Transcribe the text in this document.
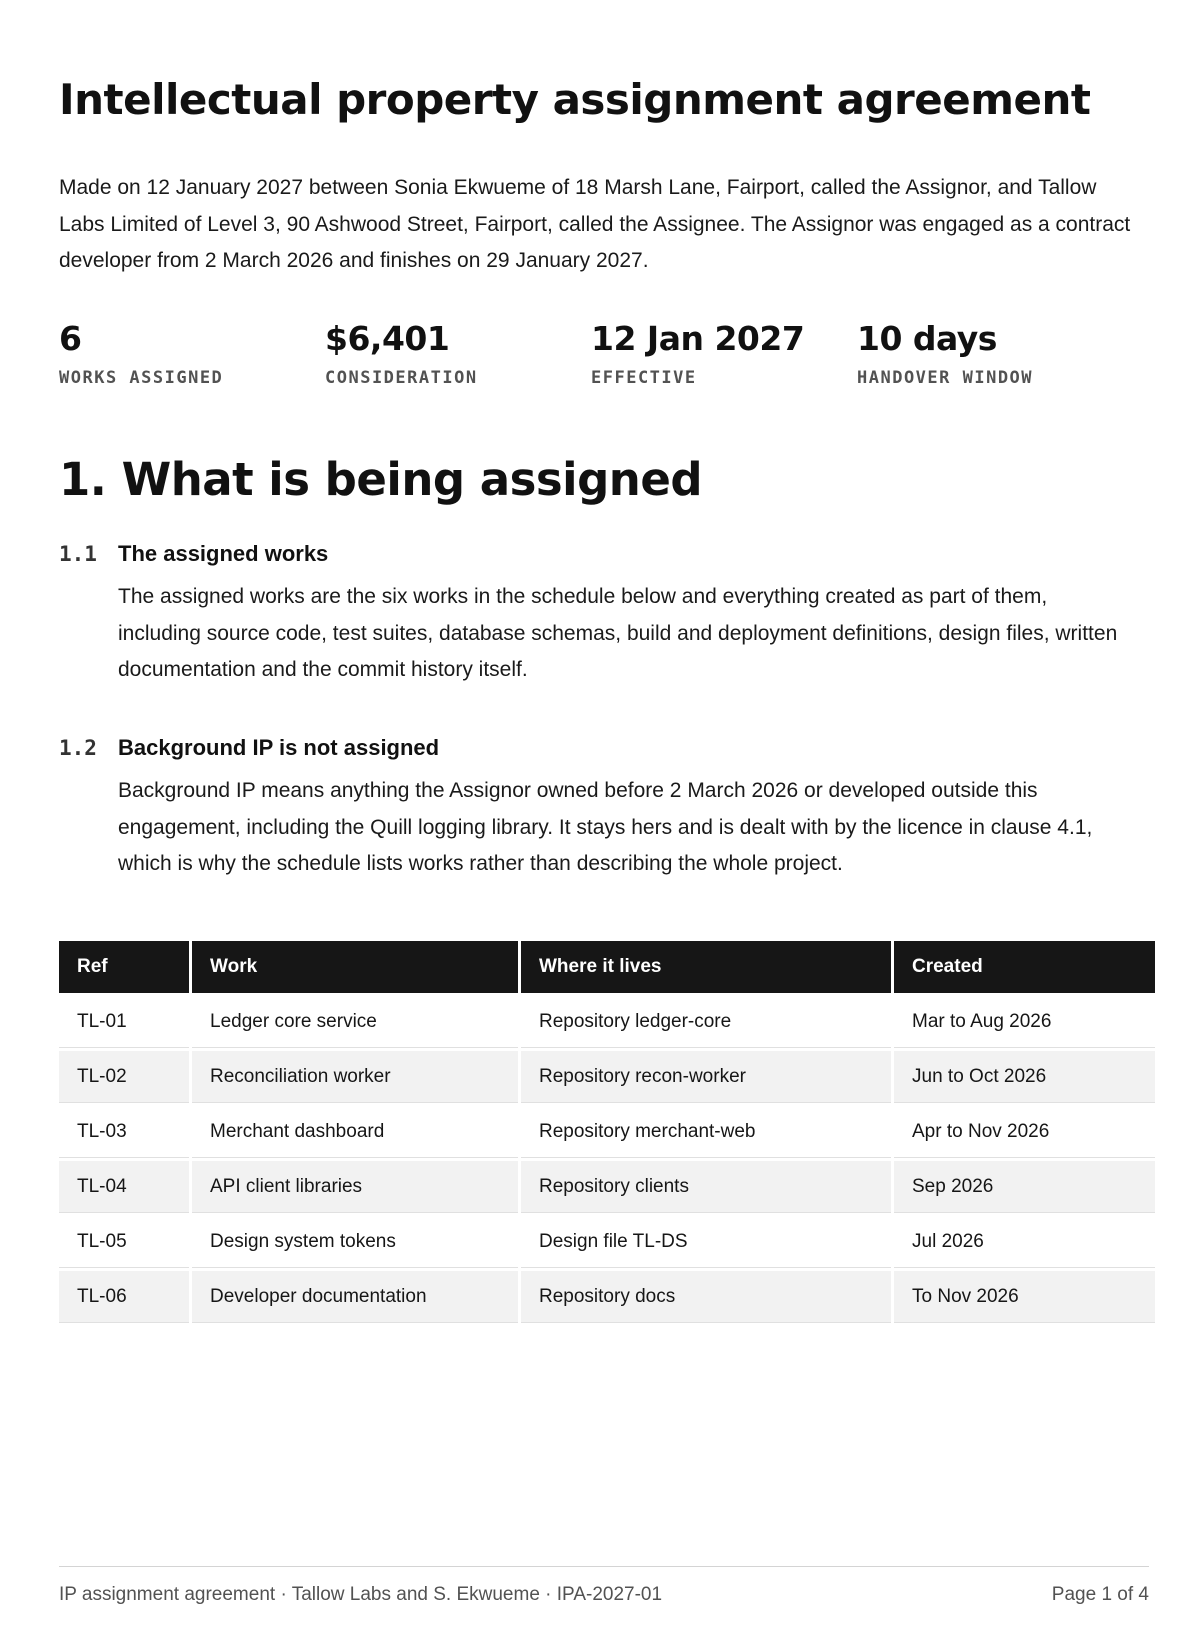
Intellectual property assignment agreement

Made on 12 January 2027 between Sonia Ekwueme of 18 Marsh Lane, Fairport, called the Assignor, and Tallow Labs Limited of Level 3, 90 Ashwood Street, Fairport, called the Assignee. The Assignor was engaged as a contract developer from 2 March 2026 and finishes on 29 January 2027.

6
WORKS ASSIGNED
$6,401
CONSIDERATION
12 Jan 2027
EFFECTIVE
10 days
HANDOVER WINDOW
1. What is being assigned
1.1 The assigned works

The assigned works are the six works in the schedule below and everything created as part of them, including source code, test suites, database schemas, build and deployment definitions, design files, written documentation and the commit history itself.

1.2 Background IP is not assigned

Background IP means anything the Assignor owned before 2 March 2026 or developed outside this engagement, including the Quill logging library. It stays hers and is dealt with by the licence in clause 4.1, which is why the schedule lists works rather than describing the whole project.

Ref	Work	Where it lives	Created
TL-01	Ledger core service	Repository ledger-core	Mar to Aug 2026
TL-02	Reconciliation worker	Repository recon-worker	Jun to Oct 2026
TL-03	Merchant dashboard	Repository merchant-web	Apr to Nov 2026
TL-04	API client libraries	Repository clients	Sep 2026
TL-05	Design system tokens	Design file TL-DS	Jul 2026
TL-06	Developer documentation	Repository docs	To Nov 2026
IP assignment agreement · Tallow Labs and S. Ekwueme · IPA-2027-01	Page 1 of 4
